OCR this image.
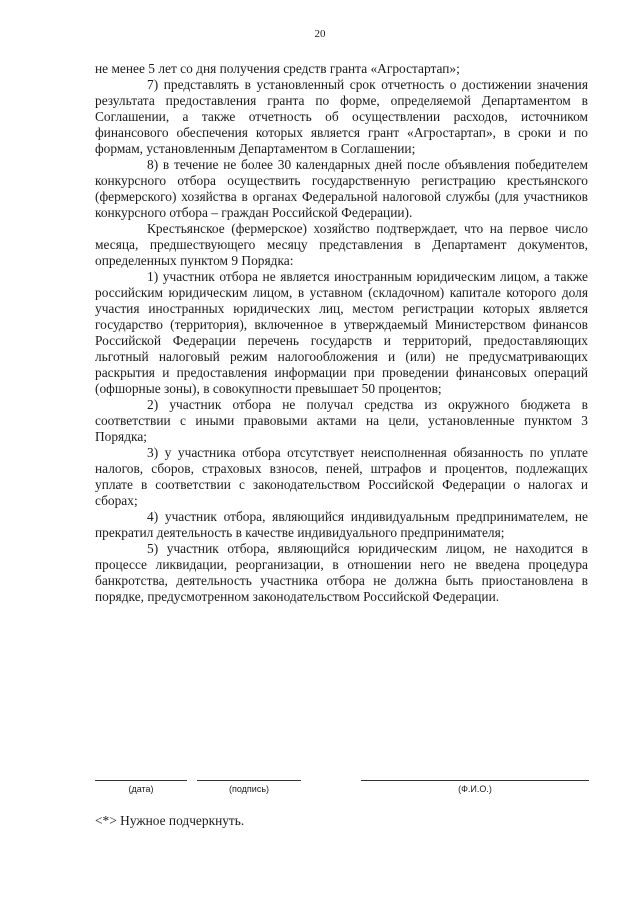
20

не менее 5 лет со дня получения средств гранта «Агростартап»;

7) представлять в установленный срок отчетность о достижении значения результата предоставления гранта по форме, определяемой Департаментом в Соглашении, а также отчетность об осуществлении расходов, источником финансового обеспечения которых является грант «Агростартап», в сроки и по формам, установленным Департаментом в Соглашении;

8) в течение не более 30 календарных дней после объявления победителем конкурсного отбора осуществить государственную регистрацию крестьянского (фермерского) хозяйства в органах Федеральной налоговой службы (для участников конкурсного отбора – граждан Российской Федерации).

Крестьянское (фермерское) хозяйство подтверждает, что на первое число месяца, предшествующего месяцу представления в Департамент документов, определенных пунктом 9 Порядка:

1) участник отбора не является иностранным юридическим лицом, а также российским юридическим лицом, в уставном (складочном) капитале которого доля участия иностранных юридических лиц, местом регистрации которых является государство (территория), включенное в утверждаемый Министерством финансов Российской Федерации перечень государств и территорий, предоставляющих льготный налоговый режим налогообложения и (или) не предусматривающих раскрытия и предоставления информации при проведении финансовых операций (офшорные зоны), в совокупности превышает 50 процентов;

2) участник отбора не получал средства из окружного бюджета в соответствии с иными правовыми актами на цели, установленные пунктом 3 Порядка;

3) у участника отбора отсутствует неисполненная обязанность по уплате налогов, сборов, страховых взносов, пеней, штрафов и процентов, подлежащих уплате в соответствии с законодательством Российской Федерации о налогах и сборах;

4) участник отбора, являющийся индивидуальным предпринимателем, не прекратил деятельность в качестве индивидуального предпринимателя;

5) участник отбора, являющийся юридическим лицом, не находится в процессе ликвидации, реорганизации, в отношении него не введена процедура банкротства, деятельность участника отбора не должна быть приостановлена в порядке, предусмотренном законодательством Российской Федерации.

(дата)	(подпись)	(Ф.И.О.)
<*> Нужное подчеркнуть.
